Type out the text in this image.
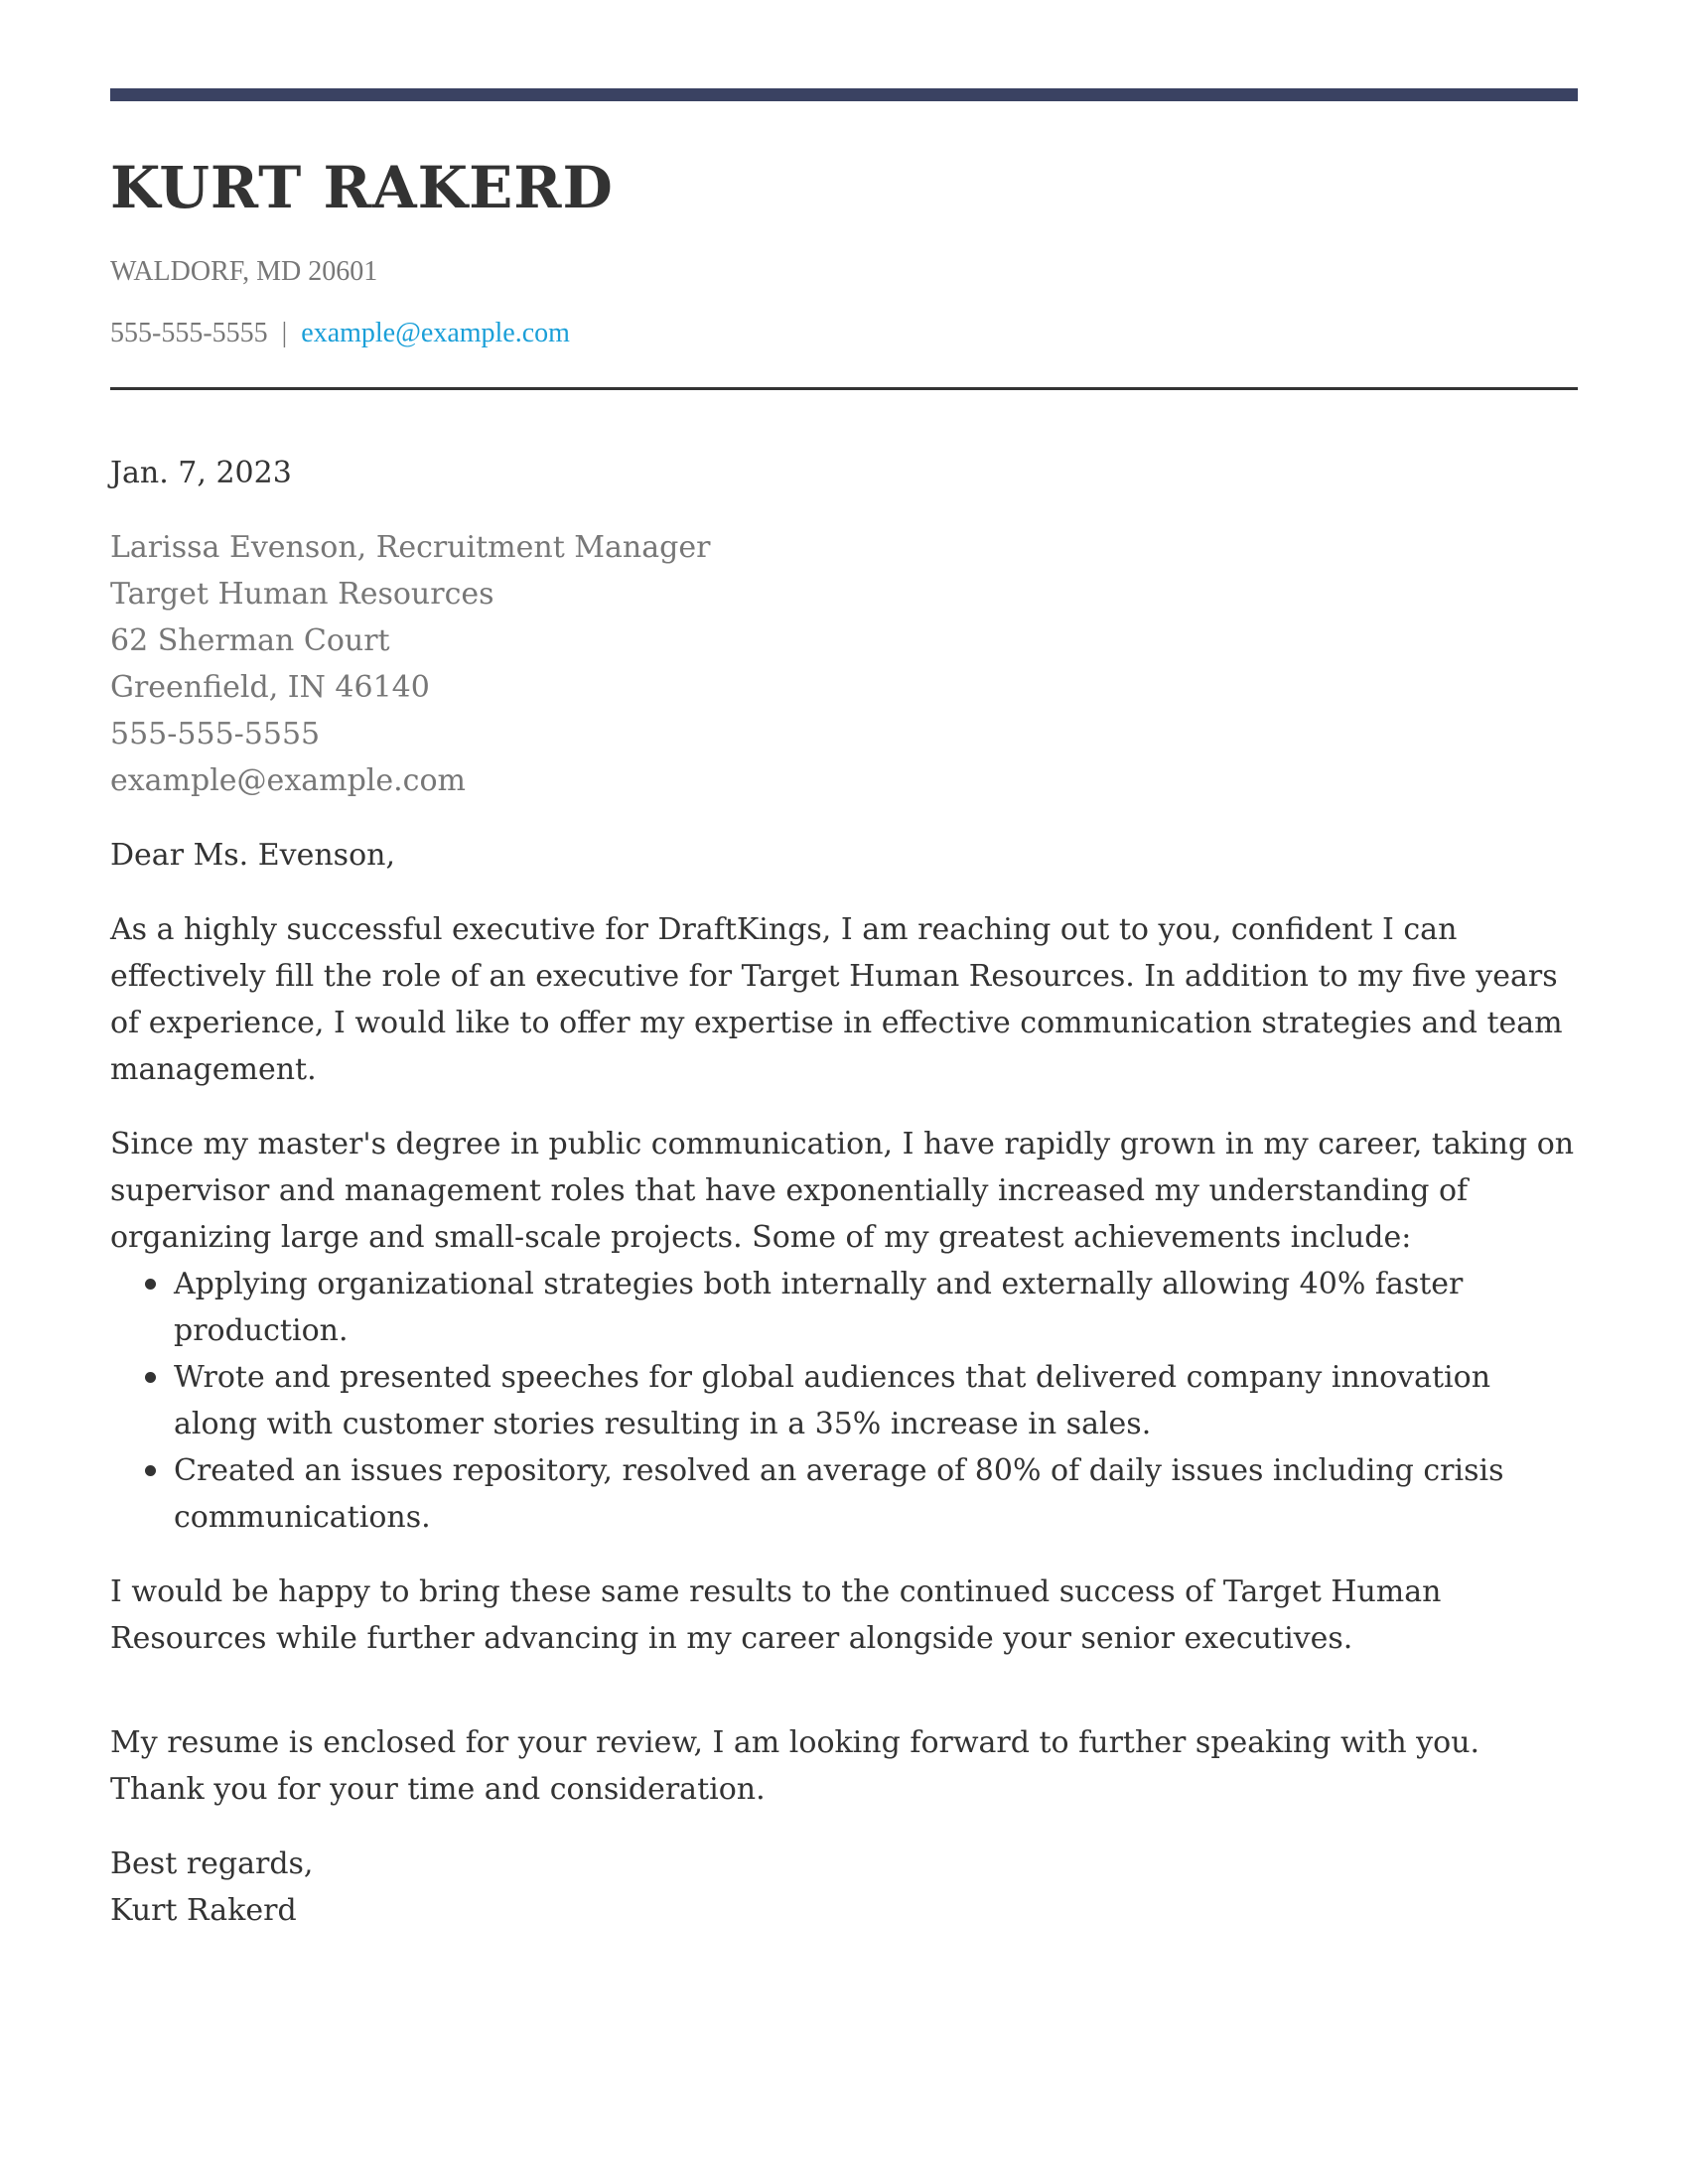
KURT RAKERD
WALDORF, MD 20601
555-555-5555 | example@example.com
Jan. 7, 2023
Larissa Evenson, Recruitment Manager
Target Human Resources
62 Sherman Court
Greenfield, IN 46140
555-555-5555
example@example.com
Dear Ms. Evenson,
As a highly successful executive for DraftKings, I am reaching out to you, confident I can effectively fill the role of an executive for Target Human Resources. In addition to my five years of experience, I would like to offer my expertise in effective communication strategies and team management.
Since my master's degree in public communication, I have rapidly grown in my career, taking on supervisor and management roles that have exponentially increased my understanding of organizing large and small-scale projects. Some of my greatest achievements include:
Applying organizational strategies both internally and externally allowing 40% faster production.
Wrote and presented speeches for global audiences that delivered company innovation along with customer stories resulting in a 35% increase in sales.
Created an issues repository, resolved an average of 80% of daily issues including crisis communications.
I would be happy to bring these same results to the continued success of Target Human Resources while further advancing in my career alongside your senior executives.
My resume is enclosed for your review, I am looking forward to further speaking with you. Thank you for your time and consideration.
Best regards,
Kurt Rakerd
